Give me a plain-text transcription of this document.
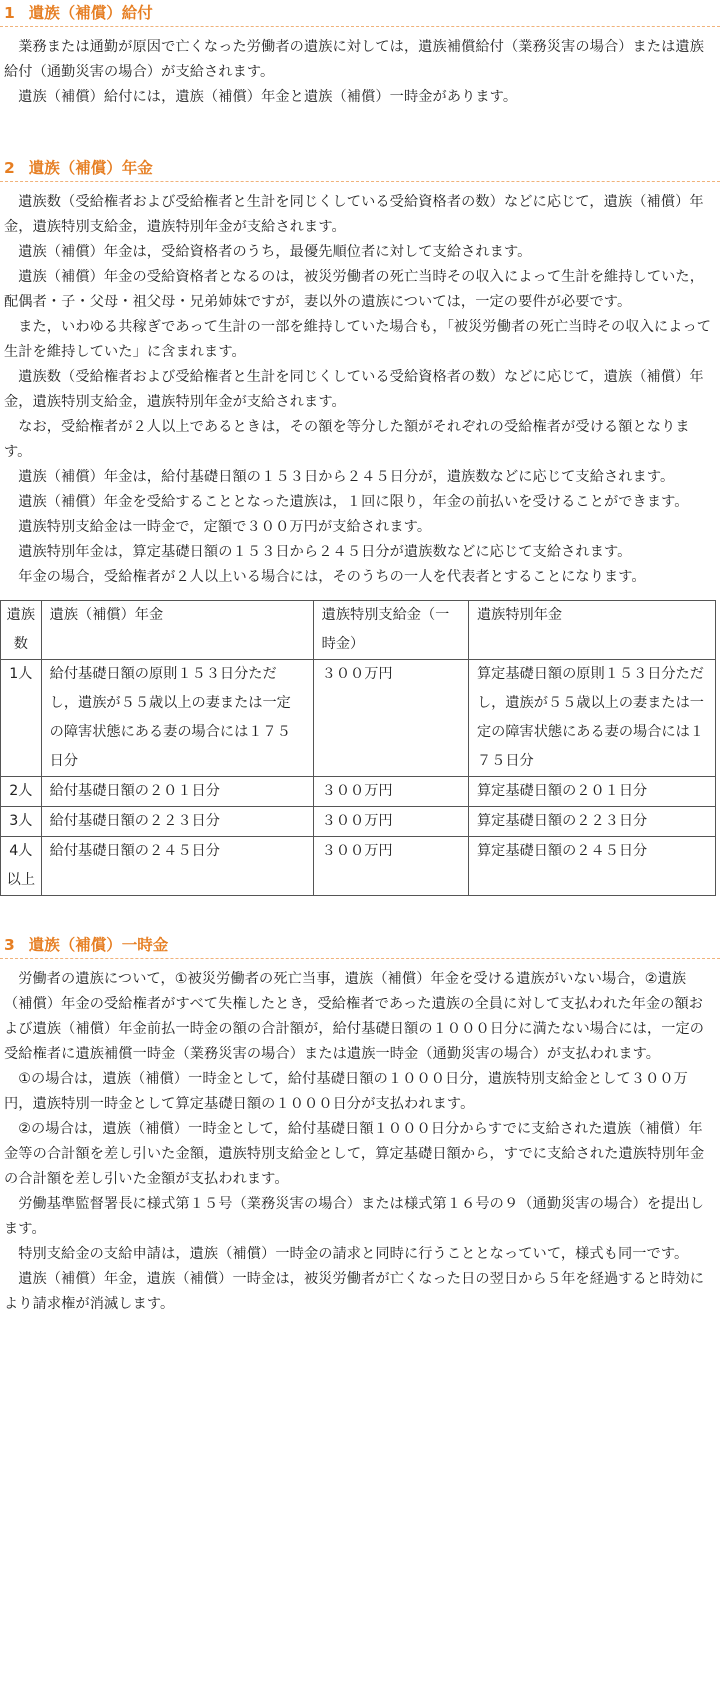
1 遺族（補償）給付

業務または通勤が原因で亡くなった労働者の遺族に対しては，遺族補償給付（業務災害の場合）または遺族給付（通勤災害の場合）が支給されます。

遺族（補償）給付には，遺族（補償）年金と遺族（補償）一時金があります。

2 遺族（補償）年金

遺族数（受給権者および受給権者と生計を同じくしている受給資格者の数）などに応じて，遺族（補償）年金，遺族特別支給金，遺族特別年金が支給されます。

遺族（補償）年金は，受給資格者のうち，最優先順位者に対して支給されます。

遺族（補償）年金の受給資格者となるのは，被災労働者の死亡当時その収入によって生計を維持していた，配偶者・子・父母・祖父母・兄弟姉妹ですが，妻以外の遺族については，一定の要件が必要です。

また，いわゆる共稼ぎであって生計の一部を維持していた場合も，「被災労働者の死亡当時その収入によって生計を維持していた」に含まれます。

遺族数（受給権者および受給権者と生計を同じくしている受給資格者の数）などに応じて，遺族（補償）年金，遺族特別支給金，遺族特別年金が支給されます。

なお，受給権者が２人以上であるときは，その額を等分した額がそれぞれの受給権者が受ける額となります。

遺族（補償）年金は，給付基礎日額の１５３日から２４５日分が，遺族数などに応じて支給されます。

遺族（補償）年金を受給することとなった遺族は，１回に限り，年金の前払いを受けることができます。

遺族特別支給金は一時金で，定額で３００万円が支給されます。

遺族特別年金は，算定基礎日額の１５３日から２４５日分が遺族数などに応じて支給されます。

年金の場合，受給権者が２人以上いる場合には，そのうちの一人を代表者とすることになります。

遺族数	遺族（補償）年金	遺族特別支給金（一時金）	遺族特別年金
1人	給付基礎日額の原則１５３日分ただし，遺族が５５歳以上の妻または一定の障害状態にある妻の場合には１７５日分	３００万円	算定基礎日額の原則１５３日分ただし，遺族が５５歳以上の妻または一定の障害状態にある妻の場合には１７５日分
2人	給付基礎日額の２０１日分	３００万円	算定基礎日額の２０１日分
3人	給付基礎日額の２２３日分	３００万円	算定基礎日額の２２３日分
4人以上	給付基礎日額の２４５日分	３００万円	算定基礎日額の２４５日分
3 遺族（補償）一時金

労働者の遺族について，①被災労働者の死亡当事，遺族（補償）年金を受ける遺族がいない場合，②遺族（補償）年金の受給権者がすべて失権したとき，受給権者であった遺族の全員に対して支払われた年金の額および遺族（補償）年金前払一時金の額の合計額が，給付基礎日額の１０００日分に満たない場合には，一定の受給権者に遺族補償一時金（業務災害の場合）または遺族一時金（通勤災害の場合）が支払われます。

①の場合は，遺族（補償）一時金として，給付基礎日額の１０００日分，遺族特別支給金として３００万円，遺族特別一時金として算定基礎日額の１０００日分が支払われます。

②の場合は，遺族（補償）一時金として，給付基礎日額１０００日分からすでに支給された遺族（補償）年金等の合計額を差し引いた金額，遺族特別支給金として，算定基礎日額から，すでに支給された遺族特別年金の合計額を差し引いた金額が支払われます。

労働基準監督署長に様式第１５号（業務災害の場合）または様式第１６号の９（通勤災害の場合）を提出します。

特別支給金の支給申請は，遺族（補償）一時金の請求と同時に行うこととなっていて，様式も同一です。

遺族（補償）年金，遺族（補償）一時金は，被災労働者が亡くなった日の翌日から５年を経過すると時効により請求権が消滅します。
